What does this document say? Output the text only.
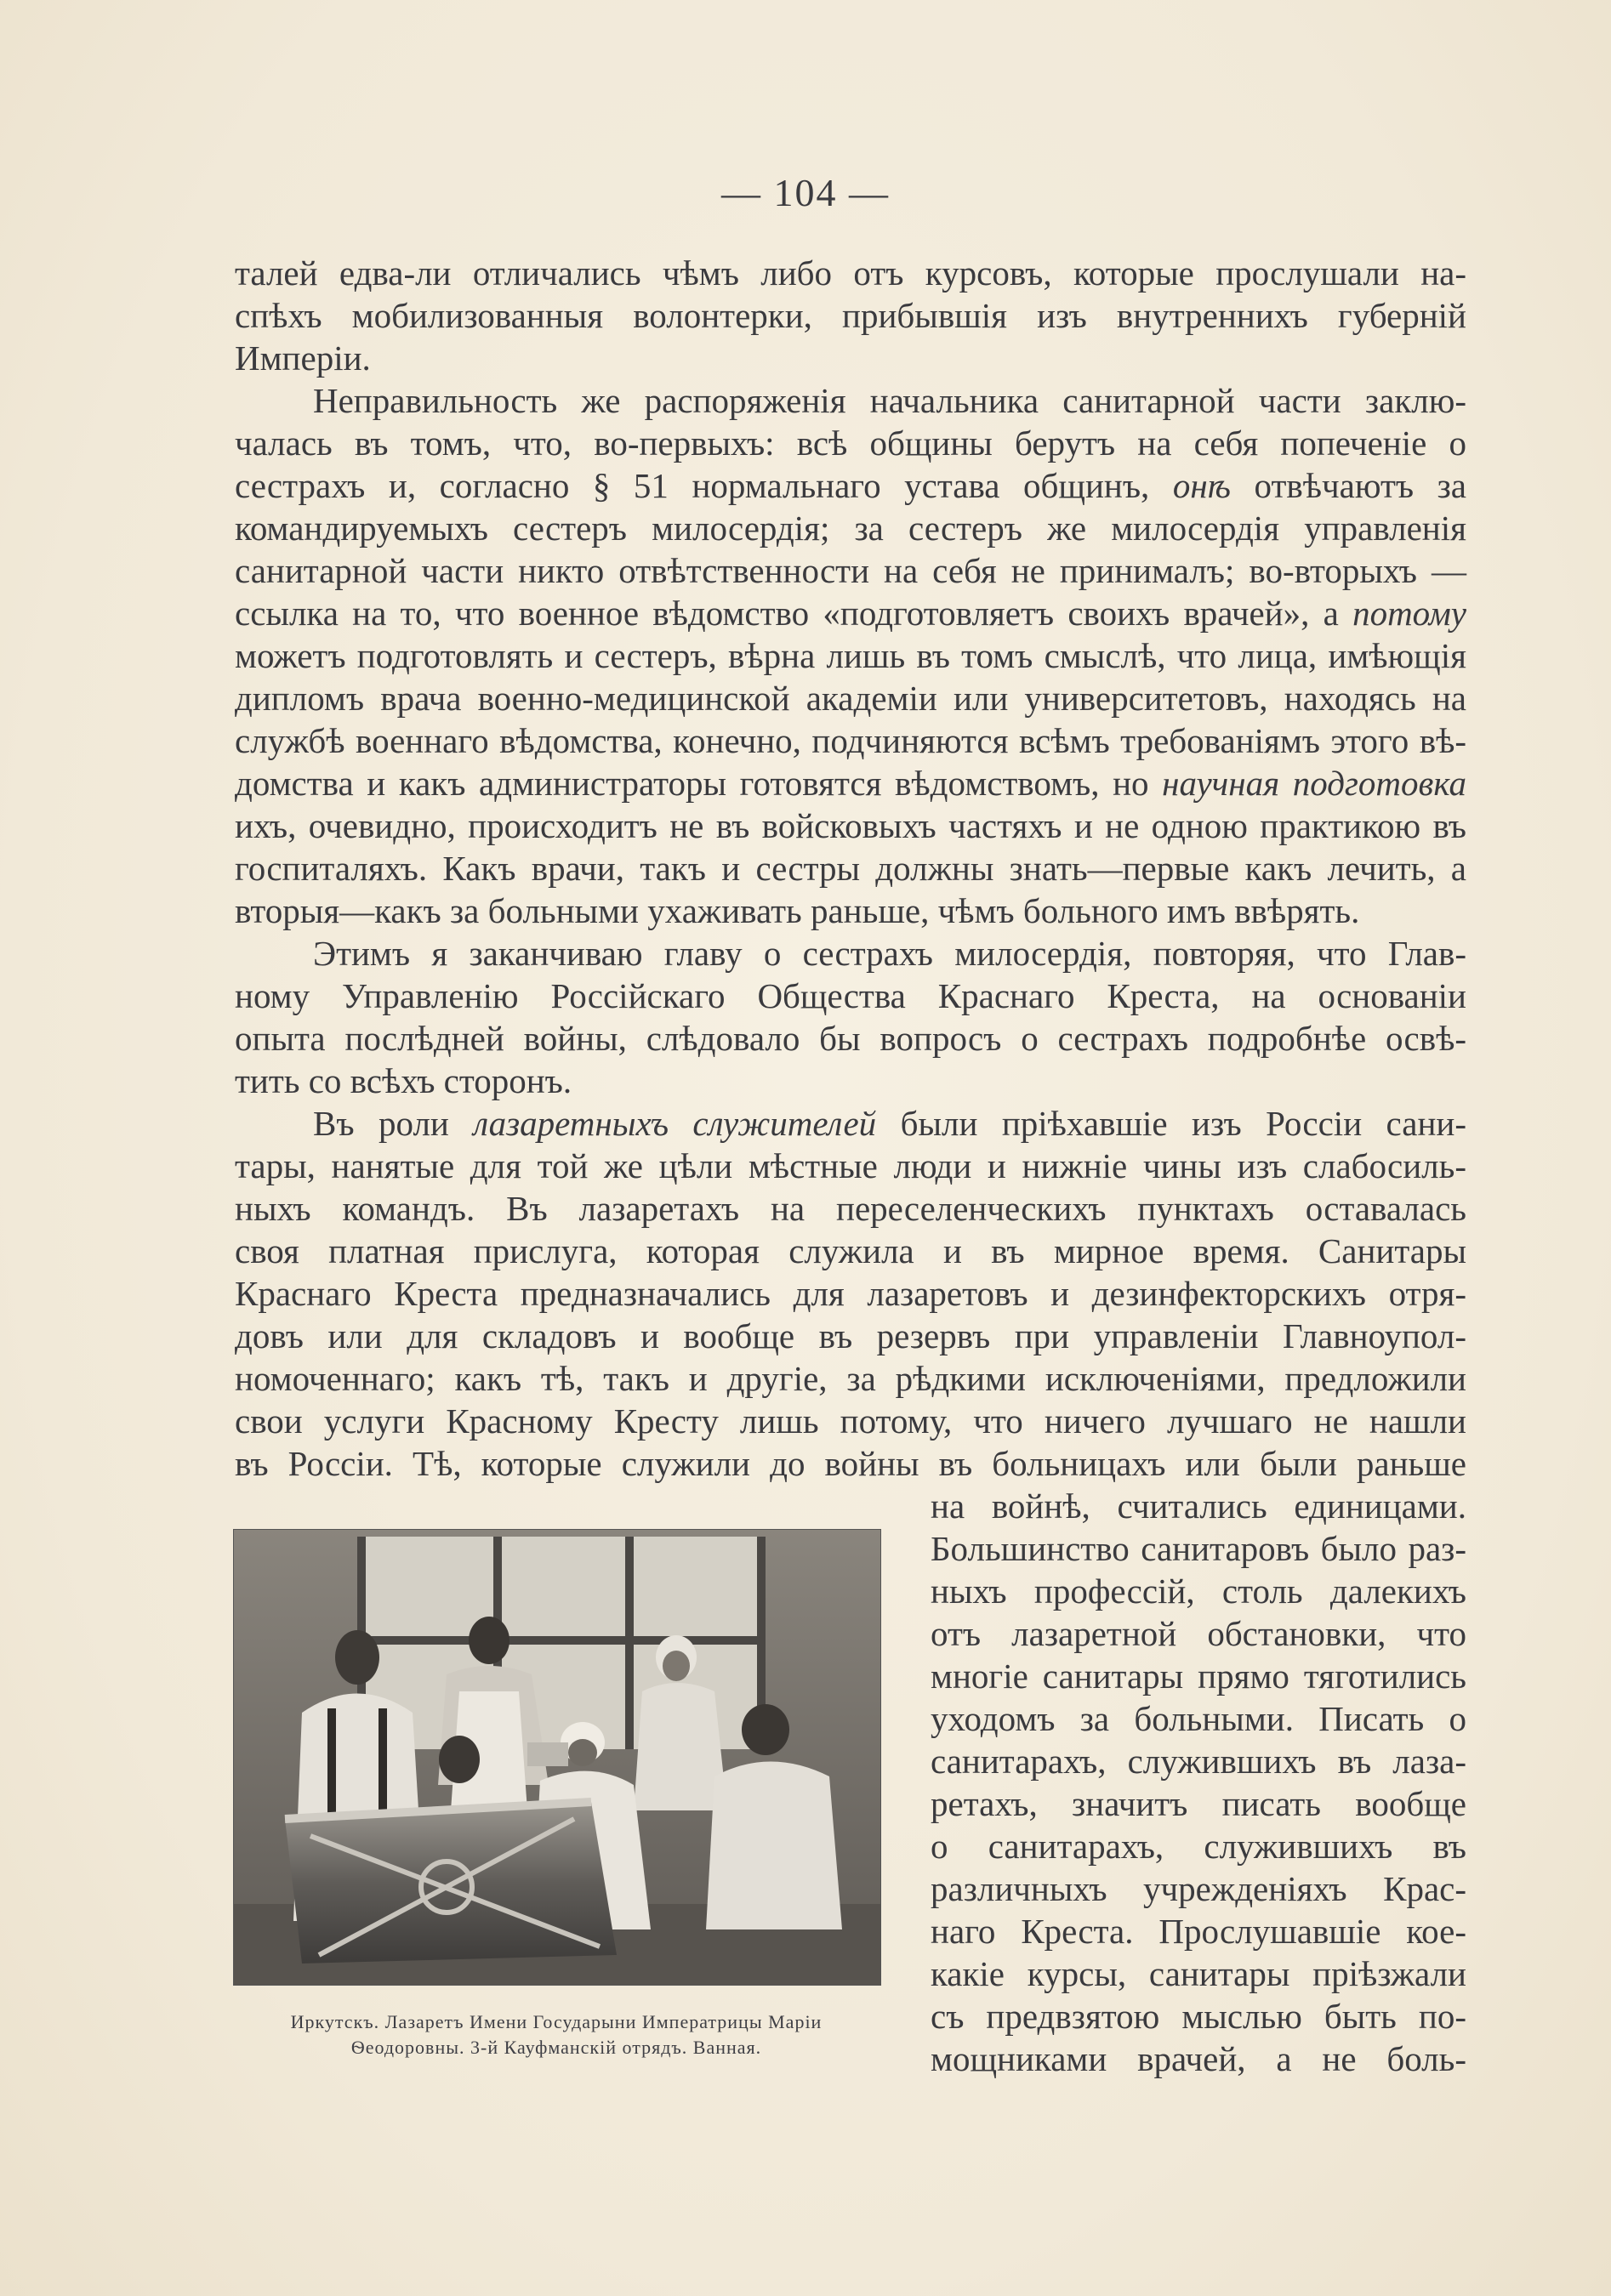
— 104 —
талей едва-ли отличались чѣмъ либо отъ курсовъ, которые прослушали на-
спѣхъ мобилизованныя волонтерки, прибывшія изъ внутреннихъ губерній
Имперіи.
Неправильность же распоряженія начальника санитарной части заклю-
чалась въ томъ, что, во-первыхъ: всѣ общины берутъ на себя попеченіе о
сестрахъ и, согласно § 51 нормальнаго устава общинъ, онѣ отвѣчаютъ за
командируемыхъ сестеръ милосердія; за сестеръ же милосердія управленія
санитарной части никто отвѣтственности на себя не принималъ; во-вторыхъ —
ссылка на то, что военное вѣдомство «подготовляетъ своихъ врачей», а потому
можетъ подготовлять и сестеръ, вѣрна лишь въ томъ смыслѣ, что лица, имѣющія
дипломъ врача военно-медицинской академіи или университетовъ, находясь на
службѣ военнаго вѣдомства, конечно, подчиняются всѣмъ требованіямъ этого вѣ-
домства и какъ администраторы готовятся вѣдомствомъ, но научная подготовка
ихъ, очевидно, происходитъ не въ войсковыхъ частяхъ и не одною практикою въ
госпиталяхъ. Какъ врачи, такъ и сестры должны знать—первые какъ лечить, а
вторыя—какъ за больными ухаживать раньше, чѣмъ больного имъ ввѣрять.
Этимъ я заканчиваю главу о сестрахъ милосердія, повторяя, что Глав-
ному Управленію Россійскаго Общества Краснаго Креста, на основаніи
опыта послѣдней войны, слѣдовало бы вопросъ о сестрахъ подробнѣе освѣ-
тить со всѣхъ сторонъ.
Въ роли лазаретныхъ служителей были пріѣхавшіе изъ Россіи сани-
тары, нанятые для той же цѣли мѣстные люди и нижніе чины изъ слабосиль-
ныхъ командъ. Въ лазаретахъ на переселенческихъ пунктахъ оставалась
своя платная прислуга, которая служила и въ мирное время. Санитары
Краснаго Креста предназначались для лазаретовъ и дезинфекторскихъ отря-
довъ или для складовъ и вообще въ резервъ при управленіи Главноупол-
номоченнаго; какъ тѣ, такъ и другіе, за рѣдкими исключеніями, предложили
свои услуги Красному Кресту лишь потому, что ничего лучшаго не нашли
въ Россіи. Тѣ, которые служили до войны въ больницахъ или были раньше
на войнѣ, считались единицами.
Большинство санитаровъ было раз-
ныхъ профессій, столь далекихъ
отъ лазаретной обстановки, что
многіе санитары прямо тяготились
уходомъ за больными. Писать о
санитарахъ, служившихъ въ лаза-
ретахъ, значитъ писать вообще
о санитарахъ, служившихъ въ
различныхъ учрежденіяхъ Крас-
наго Креста. Прослушавшіе кое-
какіе курсы, санитары пріѣзжали
съ предвзятою мыслью быть по-
мощниками врачей, а не боль-
Иркутскъ. Лазаретъ Имени Государыни Императрицы Маріи
Ѳеодоровны. 3-й Кауфманскій отрядъ. Ванная.
